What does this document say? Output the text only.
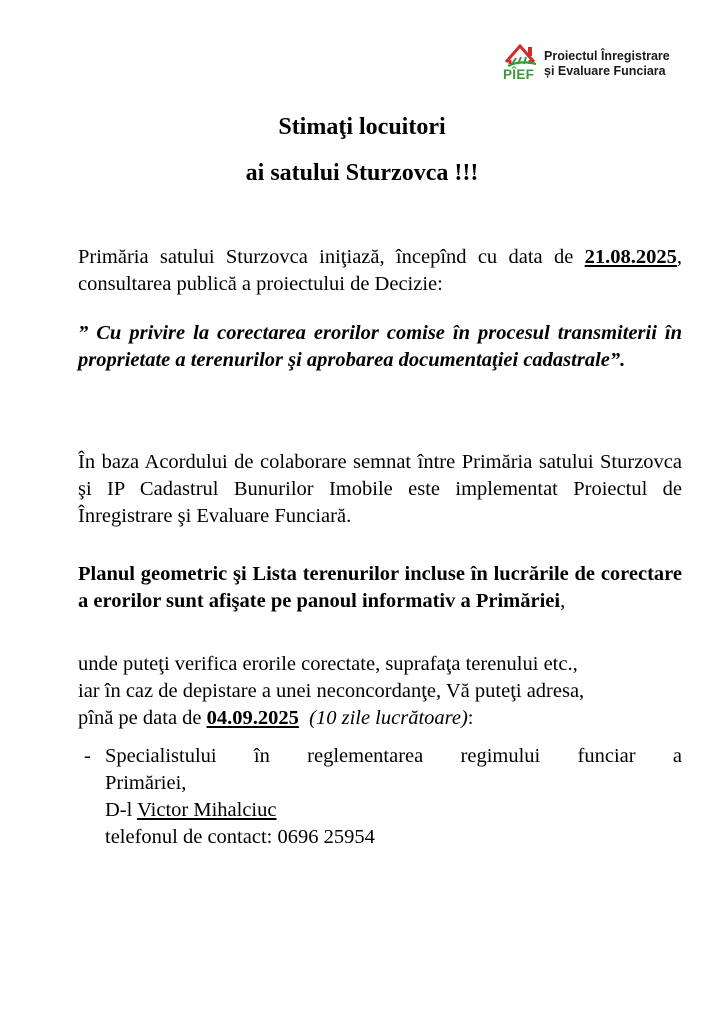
PÎEF
Proiectul Înregistrare
și Evaluare Funciara
Stimaţi locuitori
ai satului Sturzovca !!!
Primăria satului Sturzovca iniţiază, începînd cu data de 21.08.2025, consultarea publică a proiectului de Decizie:
” Cu privire la corectarea erorilor comise în procesul transmiterii în proprietate a terenurilor şi aprobarea documentaţiei cadastrale”.
În baza Acordului de colaborare semnat între Primăria satului Sturzovca şi IP Cadastrul Bunurilor Imobile este implementat Proiectul de Înregistrare şi Evaluare Funciară.
Planul geometric şi Lista terenurilor incluse în lucrările de corectare a erorilor sunt afişate pe panoul informativ a Primăriei,
unde puteţi verifica erorile corectate, suprafaţa terenului etc.,
iar în caz de depistare a unei neconcordanţe, Vă puteţi adresa,
pînă pe data de 04.09.2025 (10 zile lucrătoare):
- Specialistului în reglementarea regimului funciar a
Primăriei,
D-l Victor Mihalciuc
telefonul de contact: 0696 25954
